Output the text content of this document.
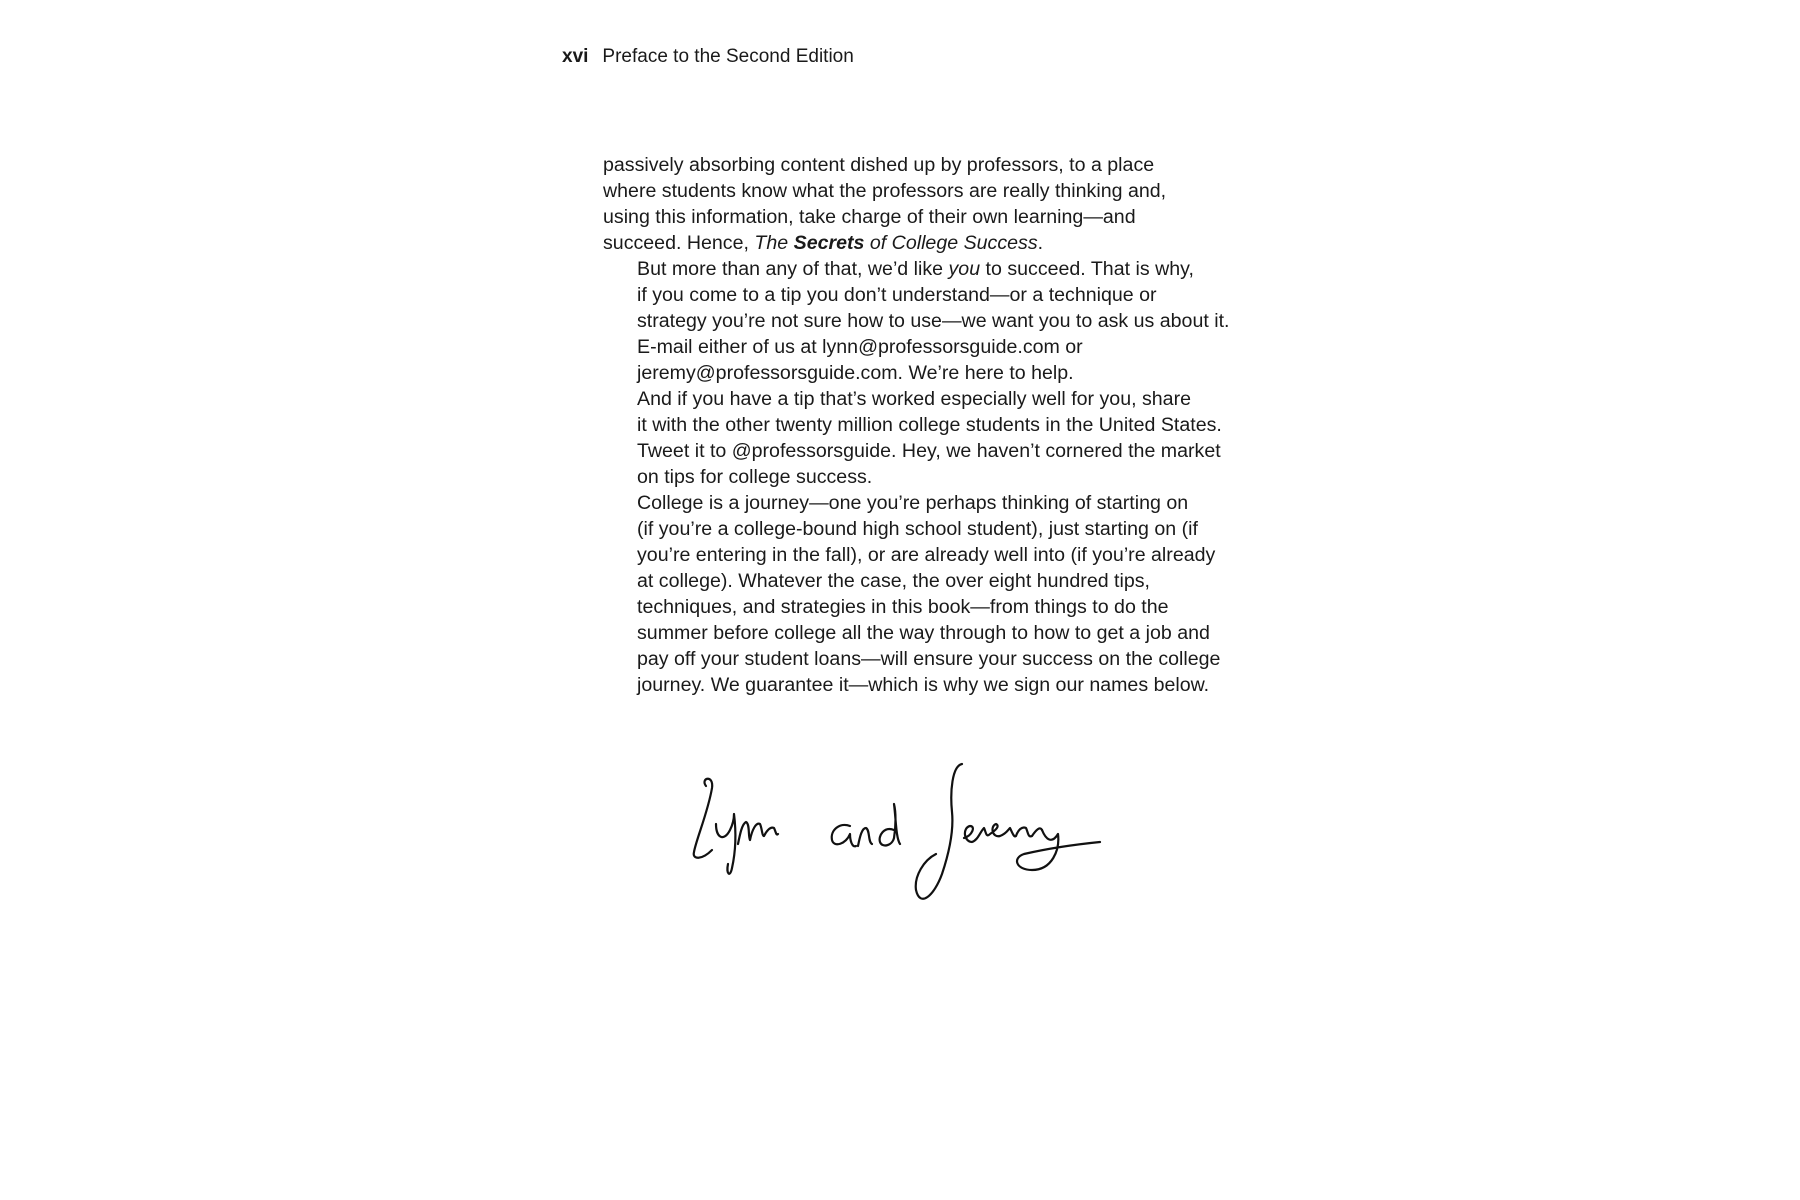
xvi Preface to the Second Edition

passively absorbing content dished up by professors, to a place
where students know what the professors are really thinking and,
using this information, take charge of their own learning—and
succeed. Hence, The Secrets of College Success.

But more than any of that, we’d like you to succeed. That is why,
if you come to a tip you don’t understand—or a technique or
strategy you’re not sure how to use—we want you to ask us about it.
E-mail either of us at lynn@professorsguide.com or
jeremy@professorsguide.com. We’re here to help.

And if you have a tip that’s worked especially well for you, share
it with the other twenty million college students in the United States.
Tweet it to @professorsguide. Hey, we haven’t cornered the market
on tips for college success.

College is a journey—one you’re perhaps thinking of starting on
(if you’re a college-bound high school student), just starting on (if
you’re entering in the fall), or are already well into (if you’re already
at college). Whatever the case, the over eight hundred tips,
techniques, and strategies in this book—from things to do the
summer before college all the way through to how to get a job and
pay off your student loans—will ensure your success on the college
journey. We guarantee it—which is why we sign our names below.
